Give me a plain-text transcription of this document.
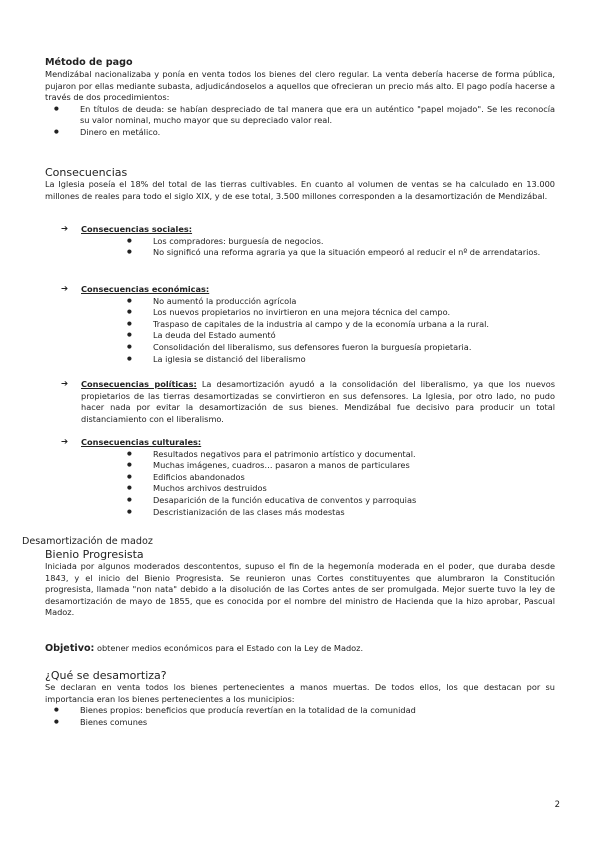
Método de pago

Mendizábal nacionalizaba y ponía en venta todos los bienes del clero regular. La venta debería hacerse de forma pública, pujaron por ellas mediante subasta, adjudicándoselos a aquellos que ofrecieran un precio más alto. El pago podía hacerse a través de dos procedimientos:

● En títulos de deuda: se habían despreciado de tal manera que era un auténtico "papel mojado". Se les reconocía su valor nominal, mucho mayor que su depreciado valor real.
● Dinero en metálico.

Consecuencias

La Iglesia poseía el 18% del total de las tierras cultivables. En cuanto al volumen de ventas se ha calculado en 13.000 millones de reales para todo el siglo XIX, y de ese total, 3.500 millones corresponden a la desamortización de Mendizábal.

➔ Consecuencias sociales:
● Los compradores: burguesía de negocios.
● No significó una reforma agraria ya que la situación empeoró al reducir el nº de arrendatarios.
➔ Consecuencias económicas:
● No aumentó la producción agrícola
● Los nuevos propietarios no invirtieron en una mejora técnica del campo.
● Traspaso de capitales de la industria al campo y de la economía urbana a la rural.
● La deuda del Estado aumentó
● Consolidación del liberalismo, sus defensores fueron la burguesía propietaria.
● La iglesia se distanció del liberalismo
➔ Consecuencias políticas: La desamortización ayudó a la consolidación del liberalismo, ya que los nuevos propietarios de las tierras desamortizadas se convirtieron en sus defensores. La Iglesia, por otro lado, no pudo hacer nada por evitar la desamortización de sus bienes. Mendizábal fue decisivo para producir un total distanciamiento con el liberalismo.
➔ Consecuencias culturales:
● Resultados negativos para el patrimonio artístico y documental.
● Muchas imágenes, cuadros… pasaron a manos de particulares
● Edificios abandonados
● Muchos archivos destruidos
● Desaparición de la función educativa de conventos y parroquias
● Descristianización de las clases más modestas

Desamortización de madoz

Bienio Progresista

Iniciada por algunos moderados descontentos, supuso el fin de la hegemonía moderada en el poder, que duraba desde 1843, y el inicio del Bienio Progresista. Se reunieron unas Cortes constituyentes que alumbraron la Constitución progresista, llamada "non nata" debido a la disolución de las Cortes antes de ser promulgada. Mejor suerte tuvo la ley de desamortización de mayo de 1855, que es conocida por el nombre del ministro de Hacienda que la hizo aprobar, Pascual Madoz.

Objetivo: obtener medios económicos para el Estado con la Ley de Madoz.

¿Qué se desamortiza?

Se declaran en venta todos los bienes pertenecientes a manos muertas. De todos ellos, los que destacan por su importancia eran los bienes pertenecientes a los municipios:

● Bienes propios: beneficios que producía revertían en la totalidad de la comunidad
● Bienes comunes
2
